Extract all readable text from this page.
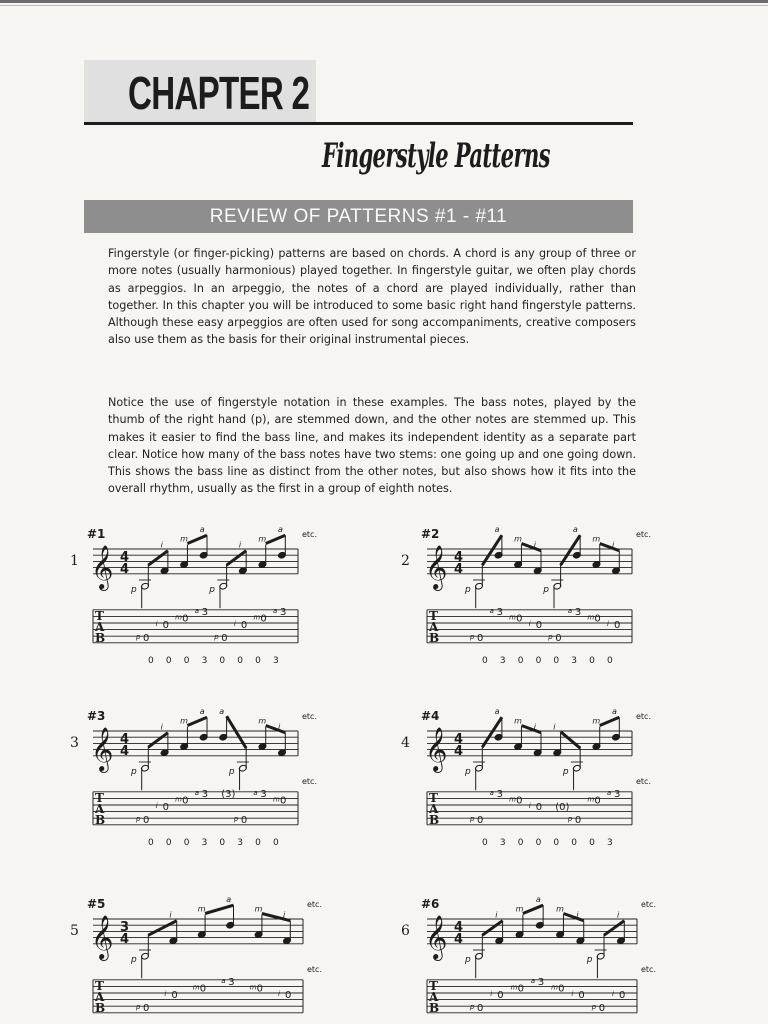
CHAPTER 2
Fingerstyle Patterns
REVIEW OF PATTERNS #1 - #11

Fingerstyle (or finger-picking) patterns are based on chords. A chord is any group of three or more notes (usually harmonious) played together. In fingerstyle guitar, we often play chords as arpeggios. In an arpeggio, the notes of a chord are played individually, rather than together. In this chapter you will be introduced to some basic right hand fingerstyle patterns. Although these easy arpeggios are often used for song accompaniments, creative composers also use them as the basis for their original instrumental pieces.

Notice the use of fingerstyle notation in these examples. The bass notes, played by the thumb of the right hand (p), are stemmed down, and the other notes are stemmed up. This makes it easier to find the bass line, and makes its independent identity as a separate part clear. Notice how many of the bass notes have two stems: one going up and one going down. This shows the bass line as distinct from the other notes, but also shows how it fits into the overall rhythm, usually as the first in a group of eighth notes.

#1
1 𝄞 4
4
etc.
p
i
m
a
p
i
m
a
T
A
B	p 0
i 0
m 0
a 3
p 0
i 0
m 0
a 3
0 0 0 3 0 0 0 3
#2
2 𝄞 4
4
etc.
p
a
m
i
p
a
m
i
T
A
B	p 0
a 3 m 0 i 0
p 0
a 3 m 0 i 0
0 3 0 0 0 3 0 0
#3
3 𝄞 4
4
etc.
p
i
m
a a
p
m
i
T
A
B
etc.
p 0
i 0
m 0
a 3 (3)
p 0
a 3 m 0
0 0 0 3 0 3 0 0
#4
4 𝄞 4
4
etc.
p
a
m
i i
p
m
a
T
A
B
etc.
p 0
a 3 m 0 i 0 (0)
p 0
m 0
a 3
0 3 0 0 0 0 0 3
#5
5 𝄞 3
4
etc.
p
i
m
a
m
i
T
A
B
etc.
p 0
i 0
m 0
a 3 m 0 i 0
#6
6 𝄞 4
4
etc.
p
i
m
a
m
i
p
i
T
A
B
etc.
p 0
i 0
m 0
a 3 m 0 i 0
p 0
i 0
